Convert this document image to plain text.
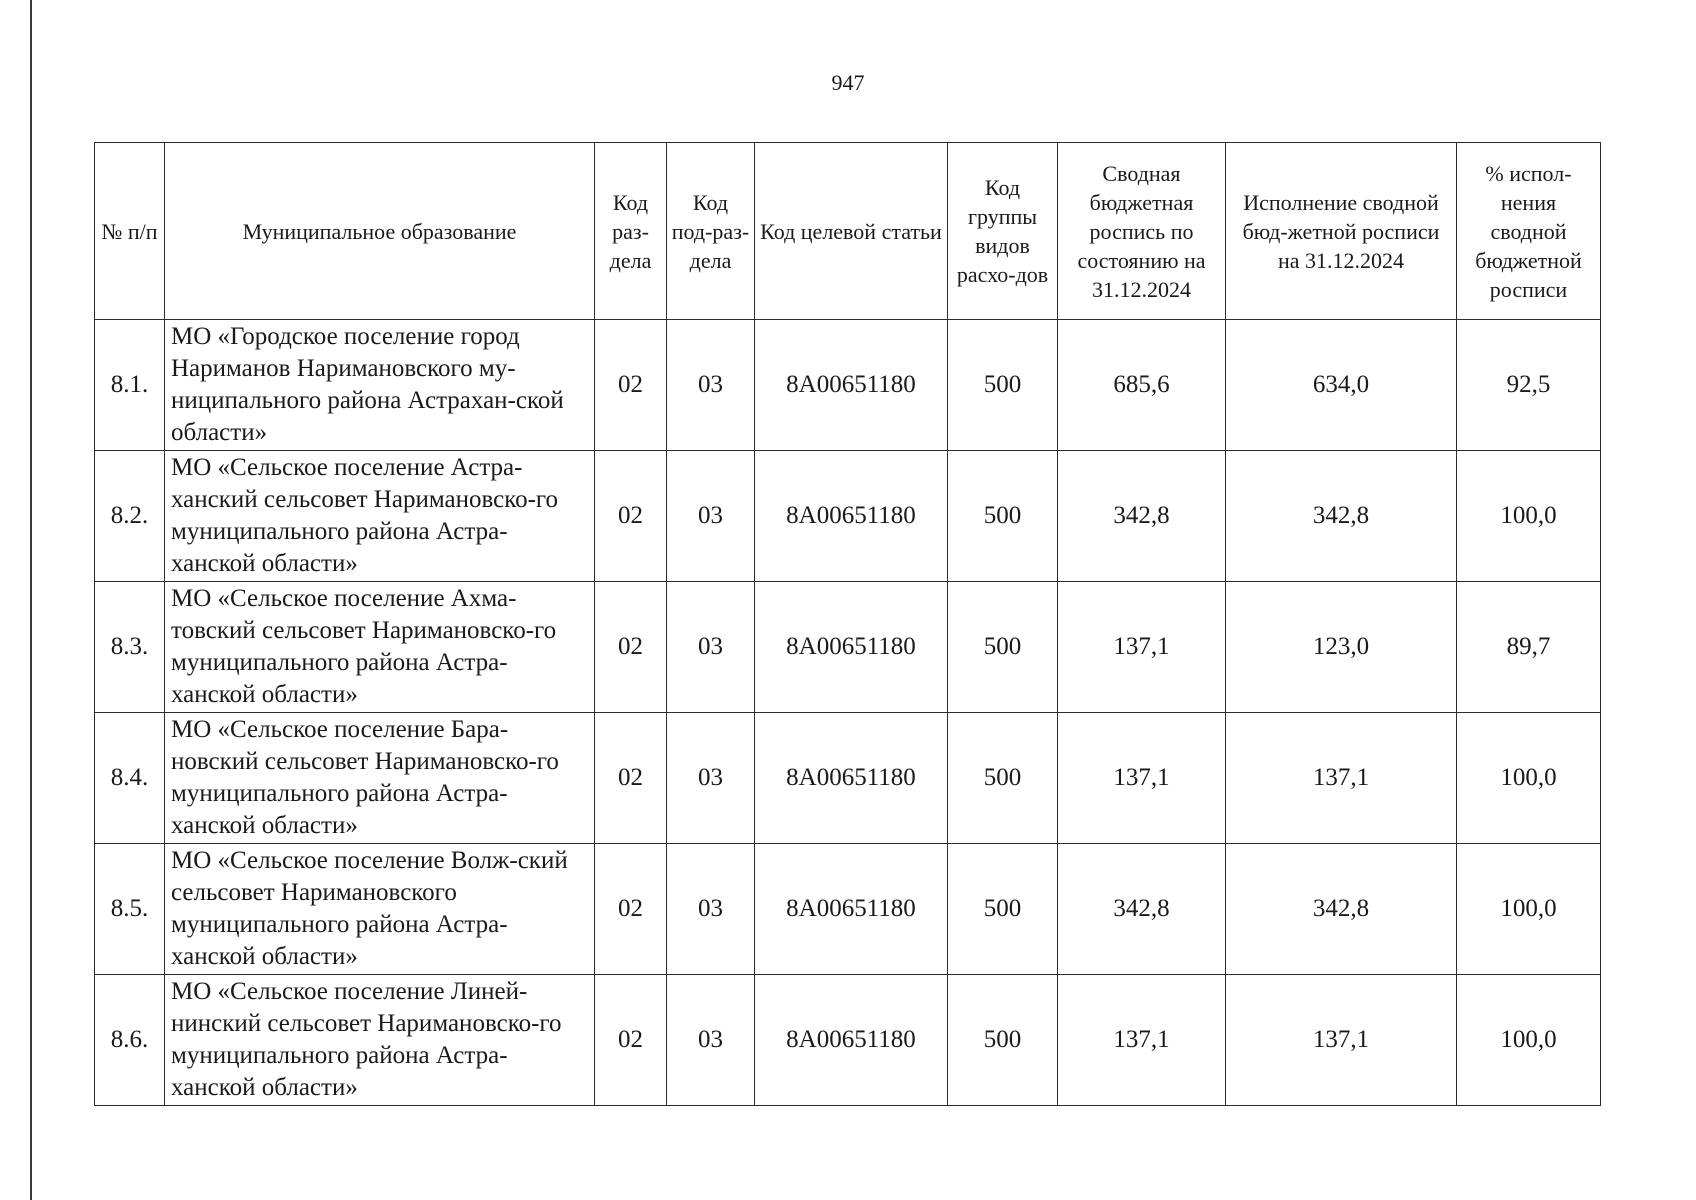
947
№ п/п	Муниципальное образование	Код раз-дела	Код под-раз-дела	Код целевой статьи	Код группы видов расхо-дов	Сводная бюджетная роспись по состоянию на 31.12.2024	Исполнение сводной бюд-жетной росписи на 31.12.2024	% испол-нения сводной бюджетной росписи
8.1.	МО «Городское поселение город Нариманов Наримановского му-ниципального района Астрахан-ской области»	02	03	8А00651180	500	685,6	634,0	92,5
8.2.	МО «Сельское поселение Астра-ханский сельсовет Наримановско-го муниципального района Астра-ханской области»	02	03	8А00651180	500	342,8	342,8	100,0
8.3.	МО «Сельское поселение Ахма-товский сельсовет Наримановско-го муниципального района Астра-ханской области»	02	03	8А00651180	500	137,1	123,0	89,7
8.4.	МО «Сельское поселение Бара-новский сельсовет Наримановско-го муниципального района Астра-ханской области»	02	03	8А00651180	500	137,1	137,1	100,0
8.5.	МО «Сельское поселение Волж-ский сельсовет Наримановского муниципального района Астра-ханской области»	02	03	8А00651180	500	342,8	342,8	100,0
8.6.	МО «Сельское поселение Линей-нинский сельсовет Наримановско-го муниципального района Астра-ханской области»	02	03	8А00651180	500	137,1	137,1	100,0
